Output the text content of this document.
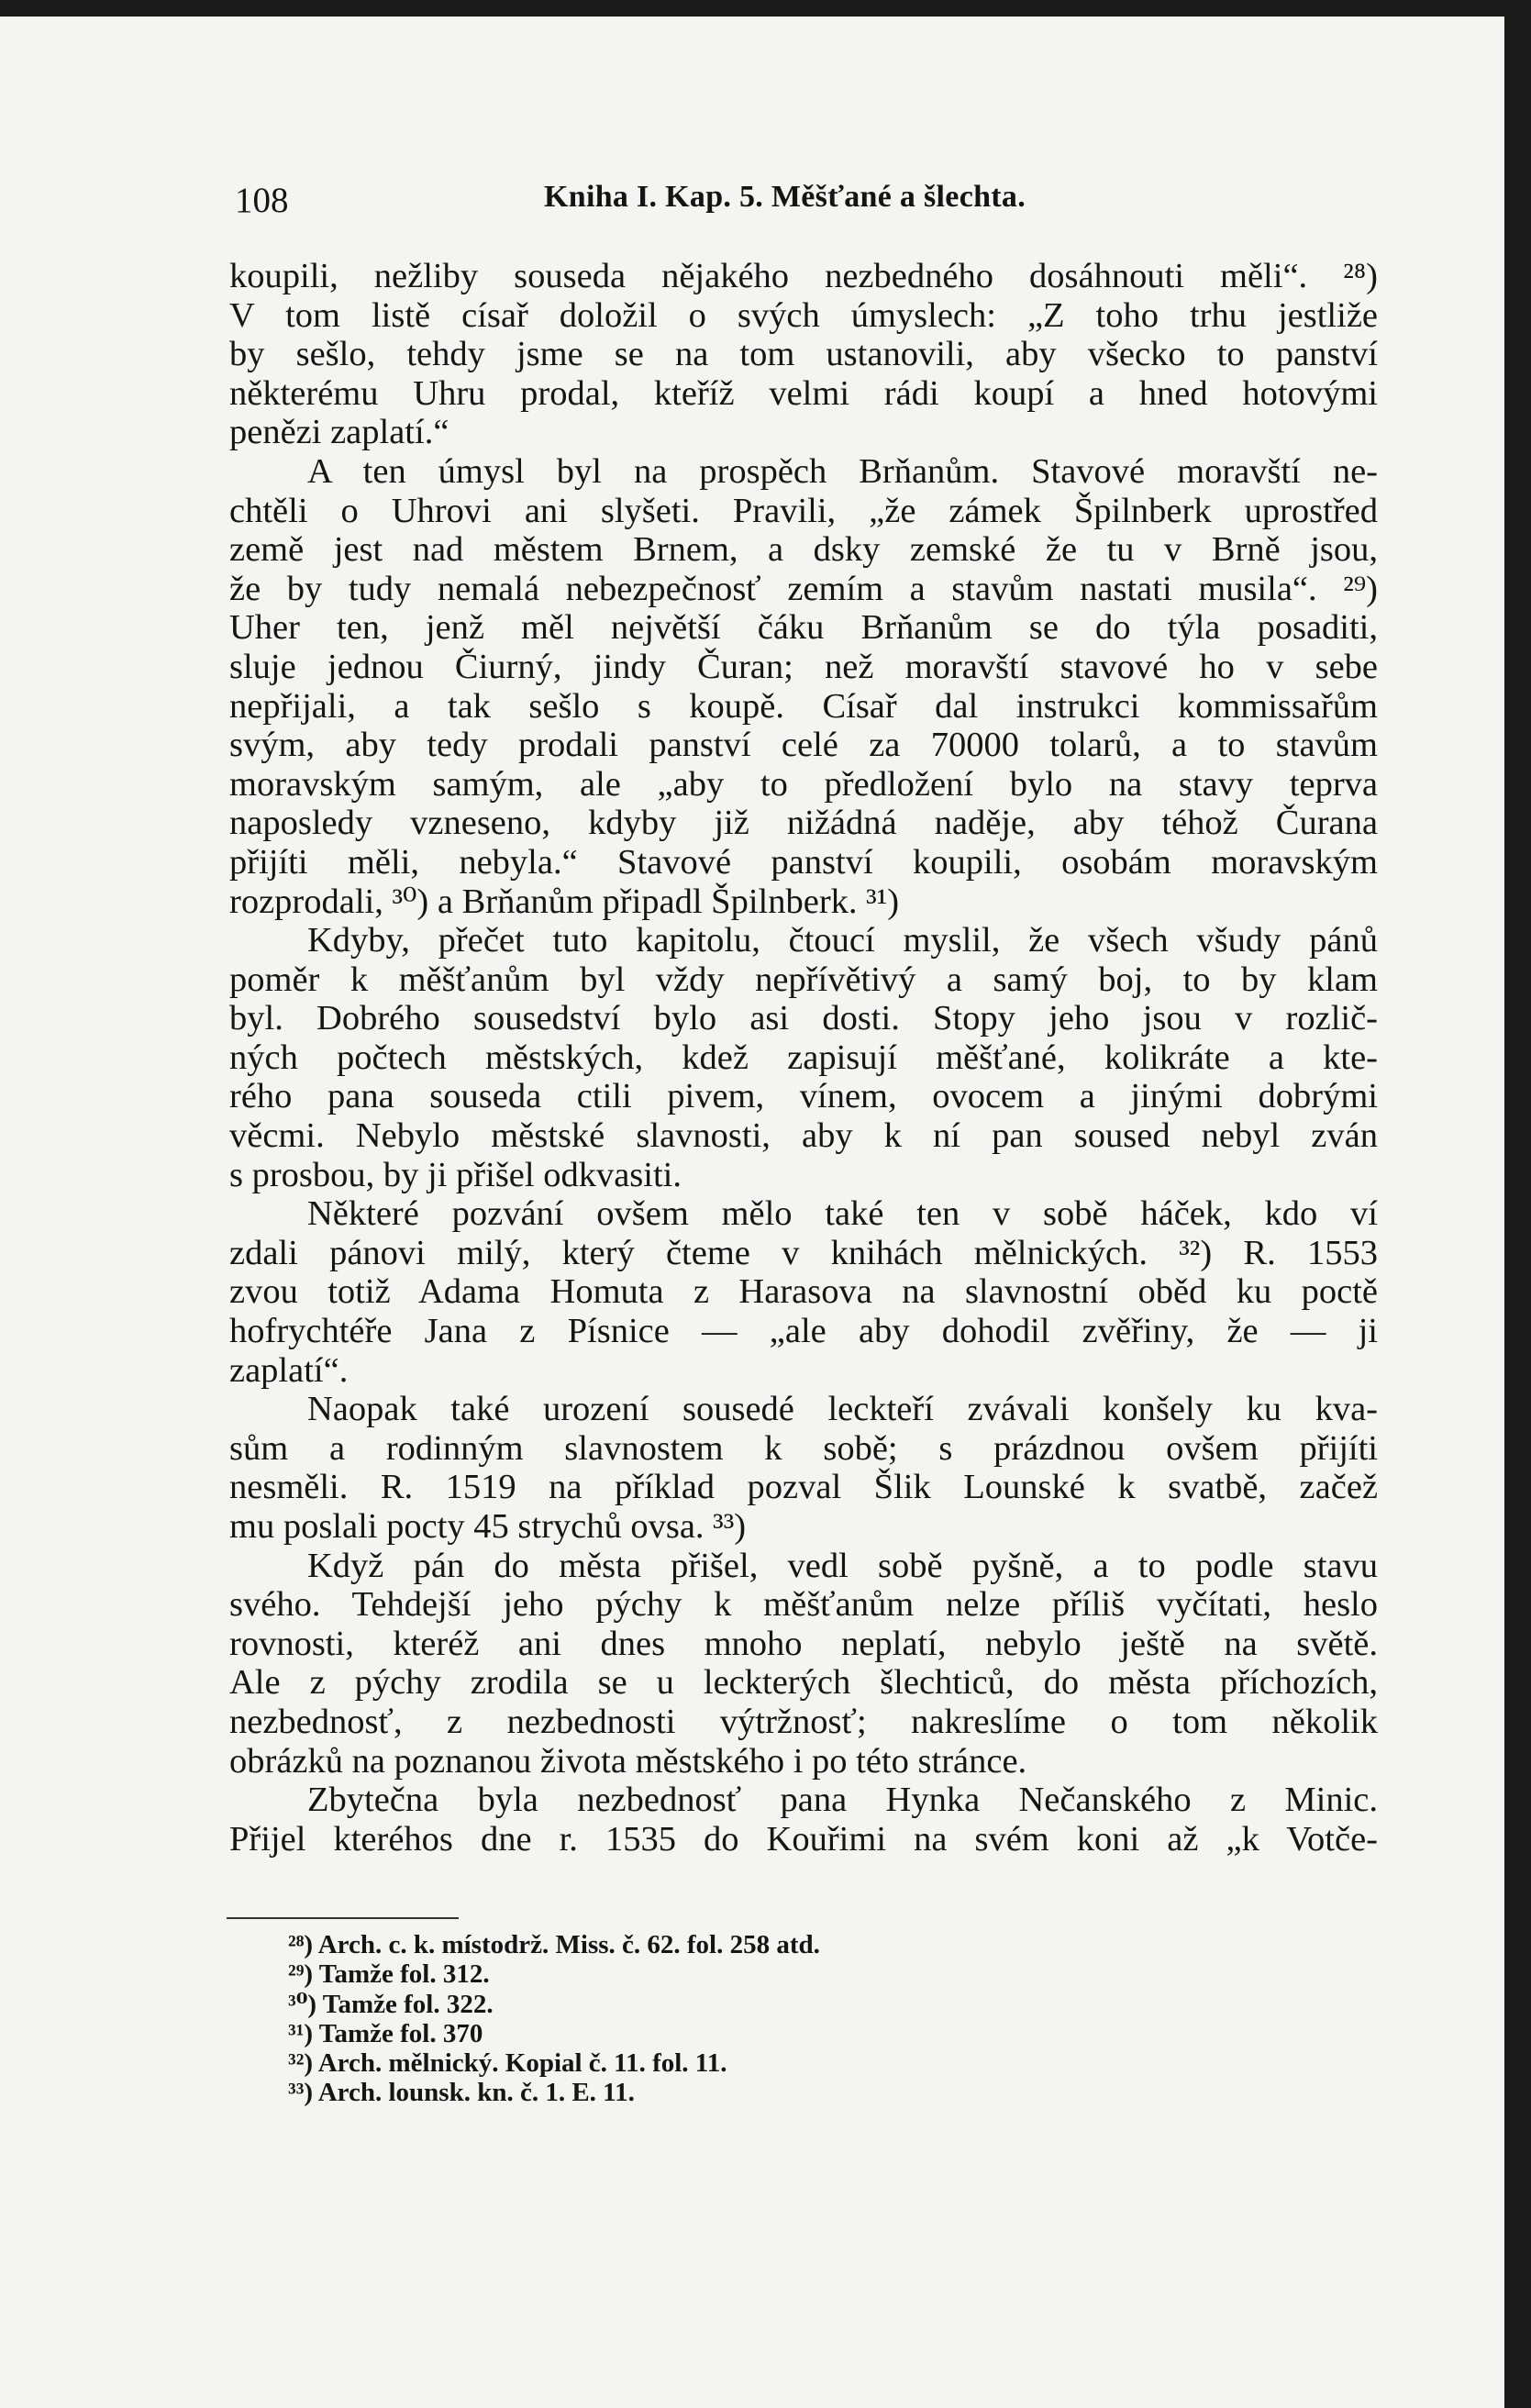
108	Kniha I. Kap. 5. Měšťané a šlechta.
koupili, nežliby souseda nějakého nezbedného dosáhnouti měli“. ²⁸)
V tom listě císař doložil o svých úmyslech: „Z toho trhu jestliže
by sešlo, tehdy jsme se na tom ustanovili, aby všecko to panství
některému Uhru prodal, kteříž velmi rádi koupí a hned hotovými
penězi zaplatí.“
A ten úmysl byl na prospěch Brňanům. Stavové moravští ne-
chtěli o Uhrovi ani slyšeti. Pravili, „že zámek Špilnberk uprostřed
země jest nad městem Brnem, a dsky zemské že tu v Brně jsou,
že by tudy nemalá nebezpečnosť zemím a stavům nastati musila“. ²⁹)
Uher ten, jenž měl největší čáku Brňanům se do týla posaditi,
sluje jednou Čiurný, jindy Čuran; než moravští stavové ho v sebe
nepřijali, a tak sešlo s koupě. Císař dal instrukci kommissařům
svým, aby tedy prodali panství celé za 70000 tolarů, a to stavům
moravským samým, ale „aby to předložení bylo na stavy teprva
naposledy vzneseno, kdyby již nižádná naděje, aby téhož Čurana
přijíti měli, nebyla.“ Stavové panství koupili, osobám moravským
rozprodali, ³⁰) a Brňanům připadl Špilnberk. ³¹)
Kdyby, přečet tuto kapitolu, čtoucí myslil, že všech všudy pánů
poměr k měšťanům byl vždy nepřívětivý a samý boj, to by klam
byl. Dobrého sousedství bylo asi dosti. Stopy jeho jsou v rozlič-
ných počtech městských, kdež zapisují měšťané, kolikráte a kte-
rého pana souseda ctili pivem, vínem, ovocem a jinými dobrými
věcmi. Nebylo městské slavnosti, aby k ní pan soused nebyl zván
s prosbou, by ji přišel odkvasiti.
Některé pozvání ovšem mělo také ten v sobě háček, kdo ví
zdali pánovi milý, který čteme v knihách mělnických. ³²) R. 1553
zvou totiž Adama Homuta z Harasova na slavnostní oběd ku poctě
hofrychtéře Jana z Písnice — „ale aby dohodil zvěřiny, že — ji
zaplatí“.
Naopak také urození sousedé leckteří zvávali konšely ku kva-
sům a rodinným slavnostem k sobě; s prázdnou ovšem přijíti
nesměli. R. 1519 na příklad pozval Šlik Lounské k svatbě, začež
mu poslali pocty 45 strychů ovsa. ³³)
Když pán do města přišel, vedl sobě pyšně, a to podle stavu
svého. Tehdejší jeho pýchy k měšťanům nelze příliš vyčítati, heslo
rovnosti, kteréž ani dnes mnoho neplatí, nebylo ještě na světě.
Ale z pýchy zrodila se u leckterých šlechticů, do města příchozích,
nezbednosť, z nezbednosti výtržnosť; nakreslíme o tom několik
obrázků na poznanou života městského i po této stránce.
Zbytečna byla nezbednosť pana Hynka Nečanského z Minic.
Přijel kteréhos dne r. 1535 do Kouřimi na svém koni až „k Votče-
²⁸) Arch. c. k. místodrž. Miss. č. 62. fol. 258 atd.
²⁹) Tamže fol. 312.
³⁰) Tamže fol. 322.
³¹) Tamže fol. 370
³²) Arch. mělnický. Kopial č. 11. fol. 11.
³³) Arch. lounsk. kn. č. 1. E. 11.
